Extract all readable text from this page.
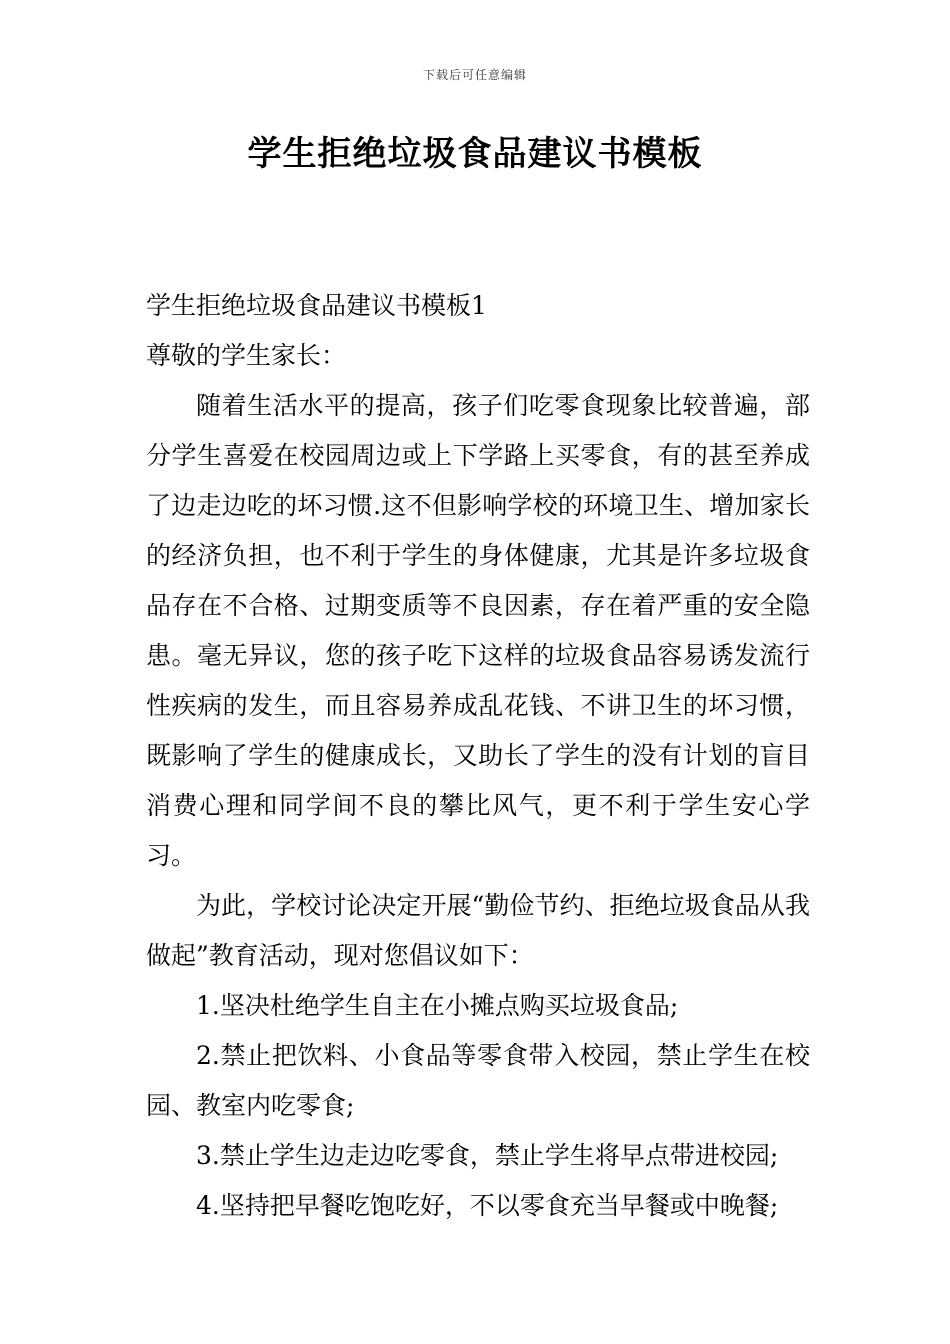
下载后可任意编辑
学生拒绝垃圾食品建议书模板

学生拒绝垃圾食品建议书模板1

尊敬的学生家长：

随着生活水平的提高，孩子们吃零食现象比较普遍，部分学生喜爱在校园周边或上下学路上买零食，有的甚至养成了边走边吃的坏习惯.这不但影响学校的环境卫生、增加家长的经济负担，也不利于学生的身体健康，尤其是许多垃圾食品存在不合格、过期变质等不良因素，存在着严重的安全隐患。毫无异议，您的孩子吃下这样的垃圾食品容易诱发流行性疾病的发生，而且容易养成乱花钱、不讲卫生的坏习惯，既影响了学生的健康成长，又助长了学生的没有计划的盲目消费心理和同学间不良的攀比风气，更不利于学生安心学习。

为此，学校讨论决定开展“勤俭节约、拒绝垃圾食品从我做起”教育活动，现对您倡议如下：

1.坚决杜绝学生自主在小摊点购买垃圾食品;

2.禁止把饮料、小食品等零食带入校园，禁止学生在校园、教室内吃零食;

3.禁止学生边走边吃零食，禁止学生将早点带进校园;

4.坚持把早餐吃饱吃好，不以零食充当早餐或中晚餐;
